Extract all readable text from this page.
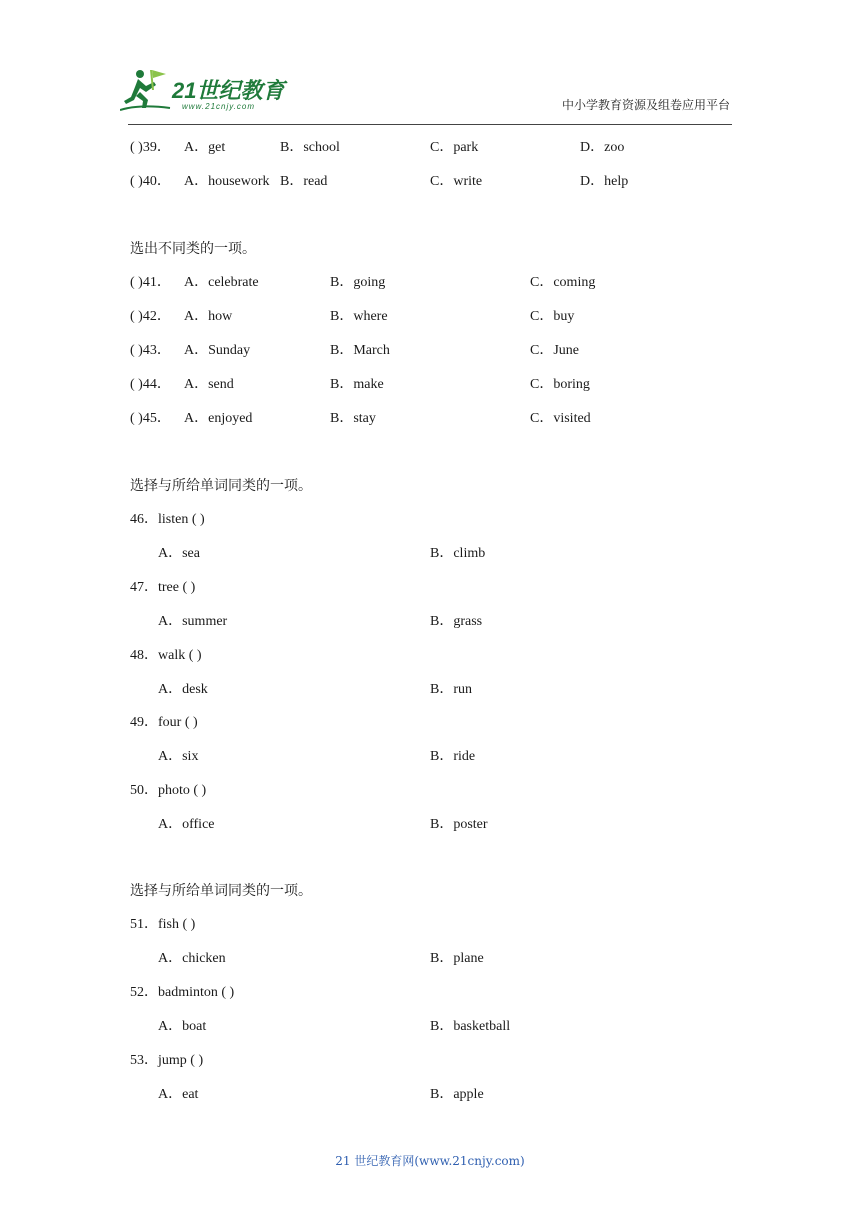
21世纪教育
www.21cnjy.com	中小学教育资源及组卷应用平台
( )39． A．get	B．school	C．park	D．zoo
( )40． A．housework B．read	C．write	D．help
选出不同类的一项。
( )41． A．celebrate	B．going	C．coming
( )42． A．how	B．where	C．buy
( )43． A．Sunday	B．March	C．June
( )44． A．send	B．make	C．boring
( )45． A．enjoyed	B．stay	C．visited
选择与所给单词同类的一项。
46．listen ( )
A．sea	B．climb
47．tree ( )
A．summer	B．grass
48．walk ( )
A．desk	B．run
49．four ( )
A．six	B．ride
50．photo ( )
A．office	B．poster
选择与所给单词同类的一项。
51．fish ( )
A．chicken	B．plane
52．badminton ( )
A．boat	B．basketball
53．jump ( )
A．eat	B．apple
21 世纪教育网(www.21cnjy.com)
